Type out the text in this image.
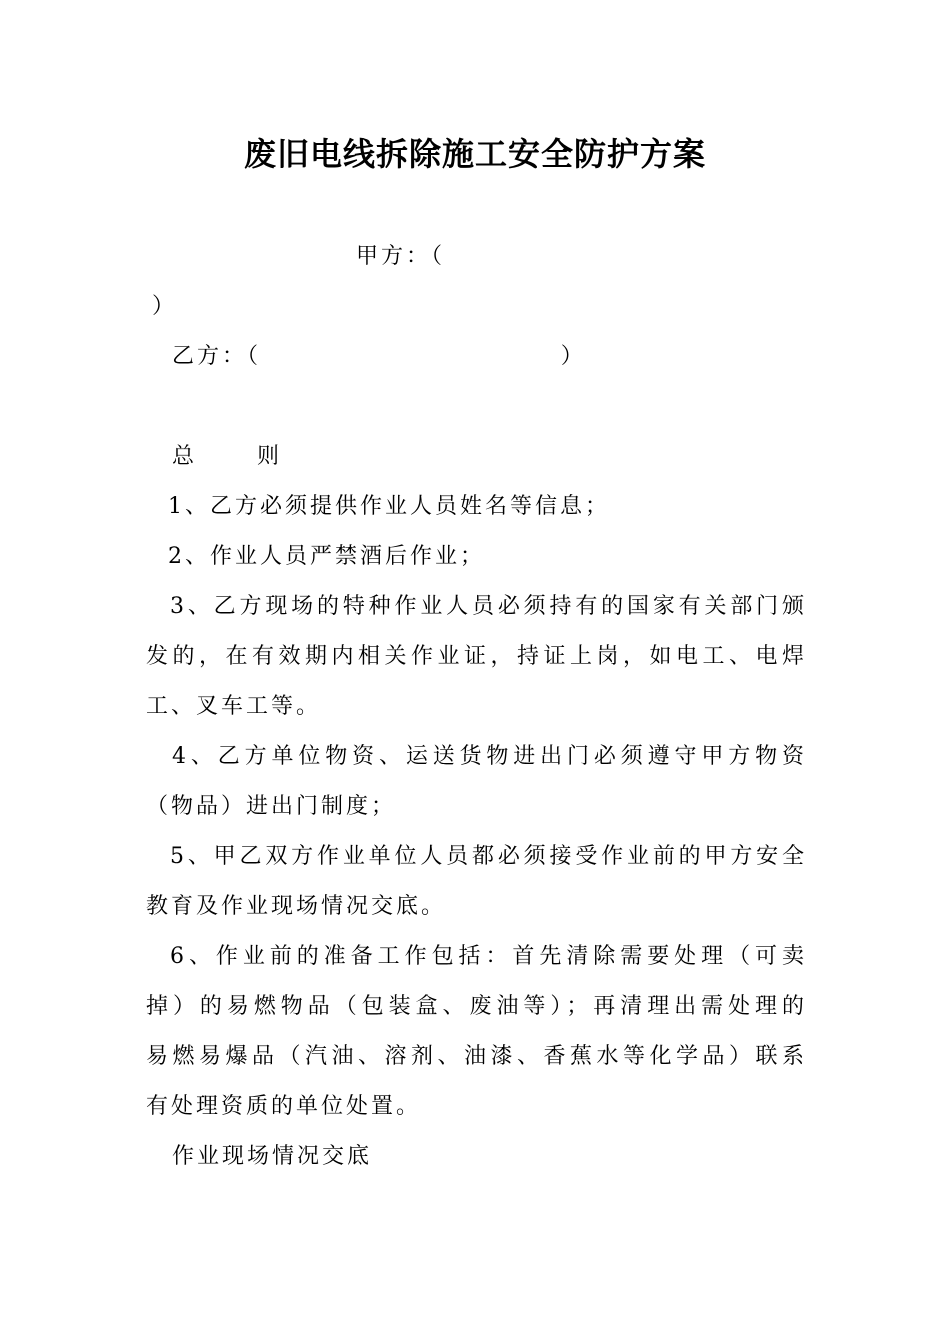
废旧电线拆除施工安全防护方案
甲方：（
）
乙方：（                              ）
总      则
1、乙方必须提供作业人员姓名等信息；
2、作业人员严禁酒后作业；
3、乙方现场的特种作业人员必须持有的国家有关部门颁
发的，在有效期内相关作业证，持证上岗，如电工、电焊
工、叉车工等。
4、乙方单位物资、运送货物进出门必须遵守甲方物资
（物品）进出门制度；
5、甲乙双方作业单位人员都必须接受作业前的甲方安全
教育及作业现场情况交底。
6、作业前的准备工作包括：首先清除需要处理（可卖
掉）的易燃物品（包装盒、废油等）；再清理出需处理的
易燃易爆品（汽油、溶剂、油漆、香蕉水等化学品）联系
有处理资质的单位处置。
作业现场情况交底
